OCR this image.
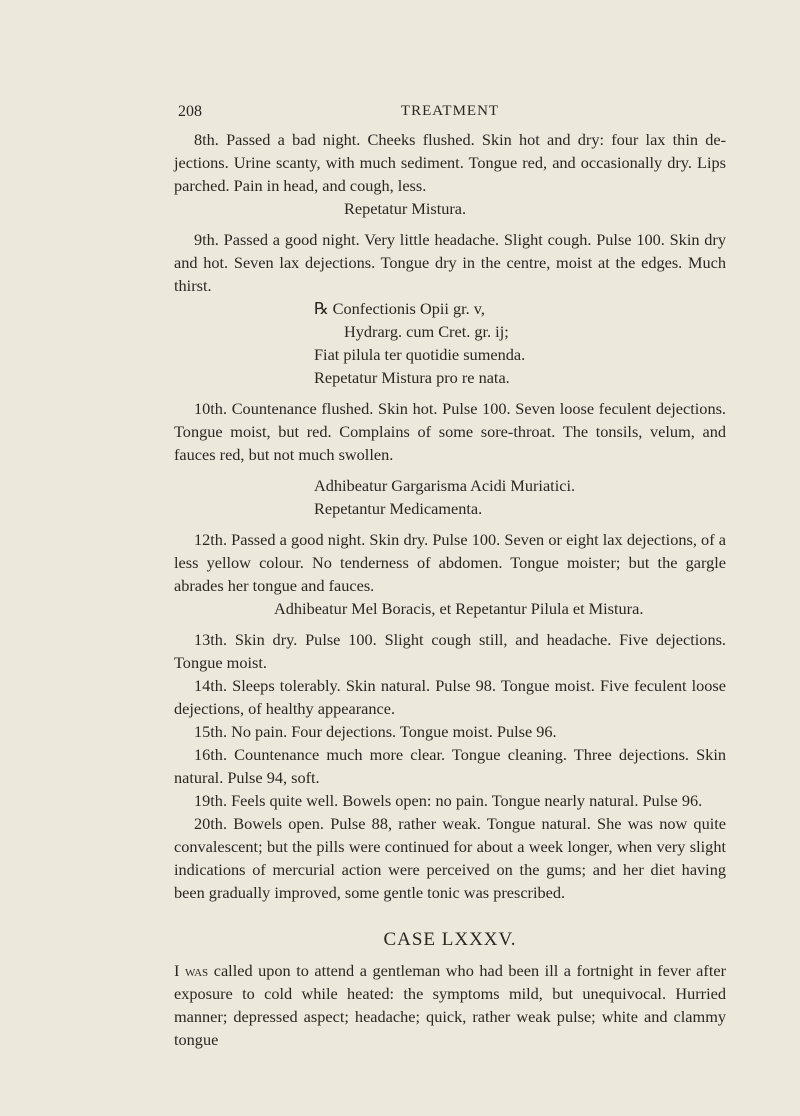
208	TREATMENT

8th. Passed a bad night. Cheeks flushed. Skin hot and dry: four lax thin dejections. Urine scanty, with much sediment. Tongue red, and occasionally dry. Lips parched. Pain in head, and cough, less.

Repetatur Mistura.

9th. Passed a good night. Very little headache. Slight cough. Pulse 100. Skin dry and hot. Seven lax dejections. Tongue dry in the centre, moist at the edges. Much thirst.

℞ Confectionis Opii gr. v,

Hydrarg. cum Cret. gr. ij;

Fiat pilula ter quotidie sumenda.

Repetatur Mistura pro re nata.

10th. Countenance flushed. Skin hot. Pulse 100. Seven loose feculent dejections. Tongue moist, but red. Complains of some sore-throat. The tonsils, velum, and fauces red, but not much swollen.

Adhibeatur Gargarisma Acidi Muriatici.

Repetantur Medicamenta.

12th. Passed a good night. Skin dry. Pulse 100. Seven or eight lax dejections, of a less yellow colour. No tenderness of abdomen. Tongue moister; but the gargle abrades her tongue and fauces.

Adhibeatur Mel Boracis, et Repetantur Pilula et Mistura.

13th. Skin dry. Pulse 100. Slight cough still, and headache. Five dejections. Tongue moist.

14th. Sleeps tolerably. Skin natural. Pulse 98. Tongue moist. Five feculent loose dejections, of healthy appearance.

15th. No pain. Four dejections. Tongue moist. Pulse 96.

16th. Countenance much more clear. Tongue cleaning. Three dejections. Skin natural. Pulse 94, soft.

19th. Feels quite well. Bowels open: no pain. Tongue nearly natural. Pulse 96.

20th. Bowels open. Pulse 88, rather weak. Tongue natural. She was now quite convalescent; but the pills were continued for about a week longer, when very slight indications of mercurial action were perceived on the gums; and her diet having been gradually improved, some gentle tonic was prescribed.

CASE LXXXV.

I was called upon to attend a gentleman who had been ill a fortnight in fever after exposure to cold while heated: the symptoms mild, but unequivocal. Hurried manner; depressed aspect; headache; quick, rather weak pulse; white and clammy tongue
